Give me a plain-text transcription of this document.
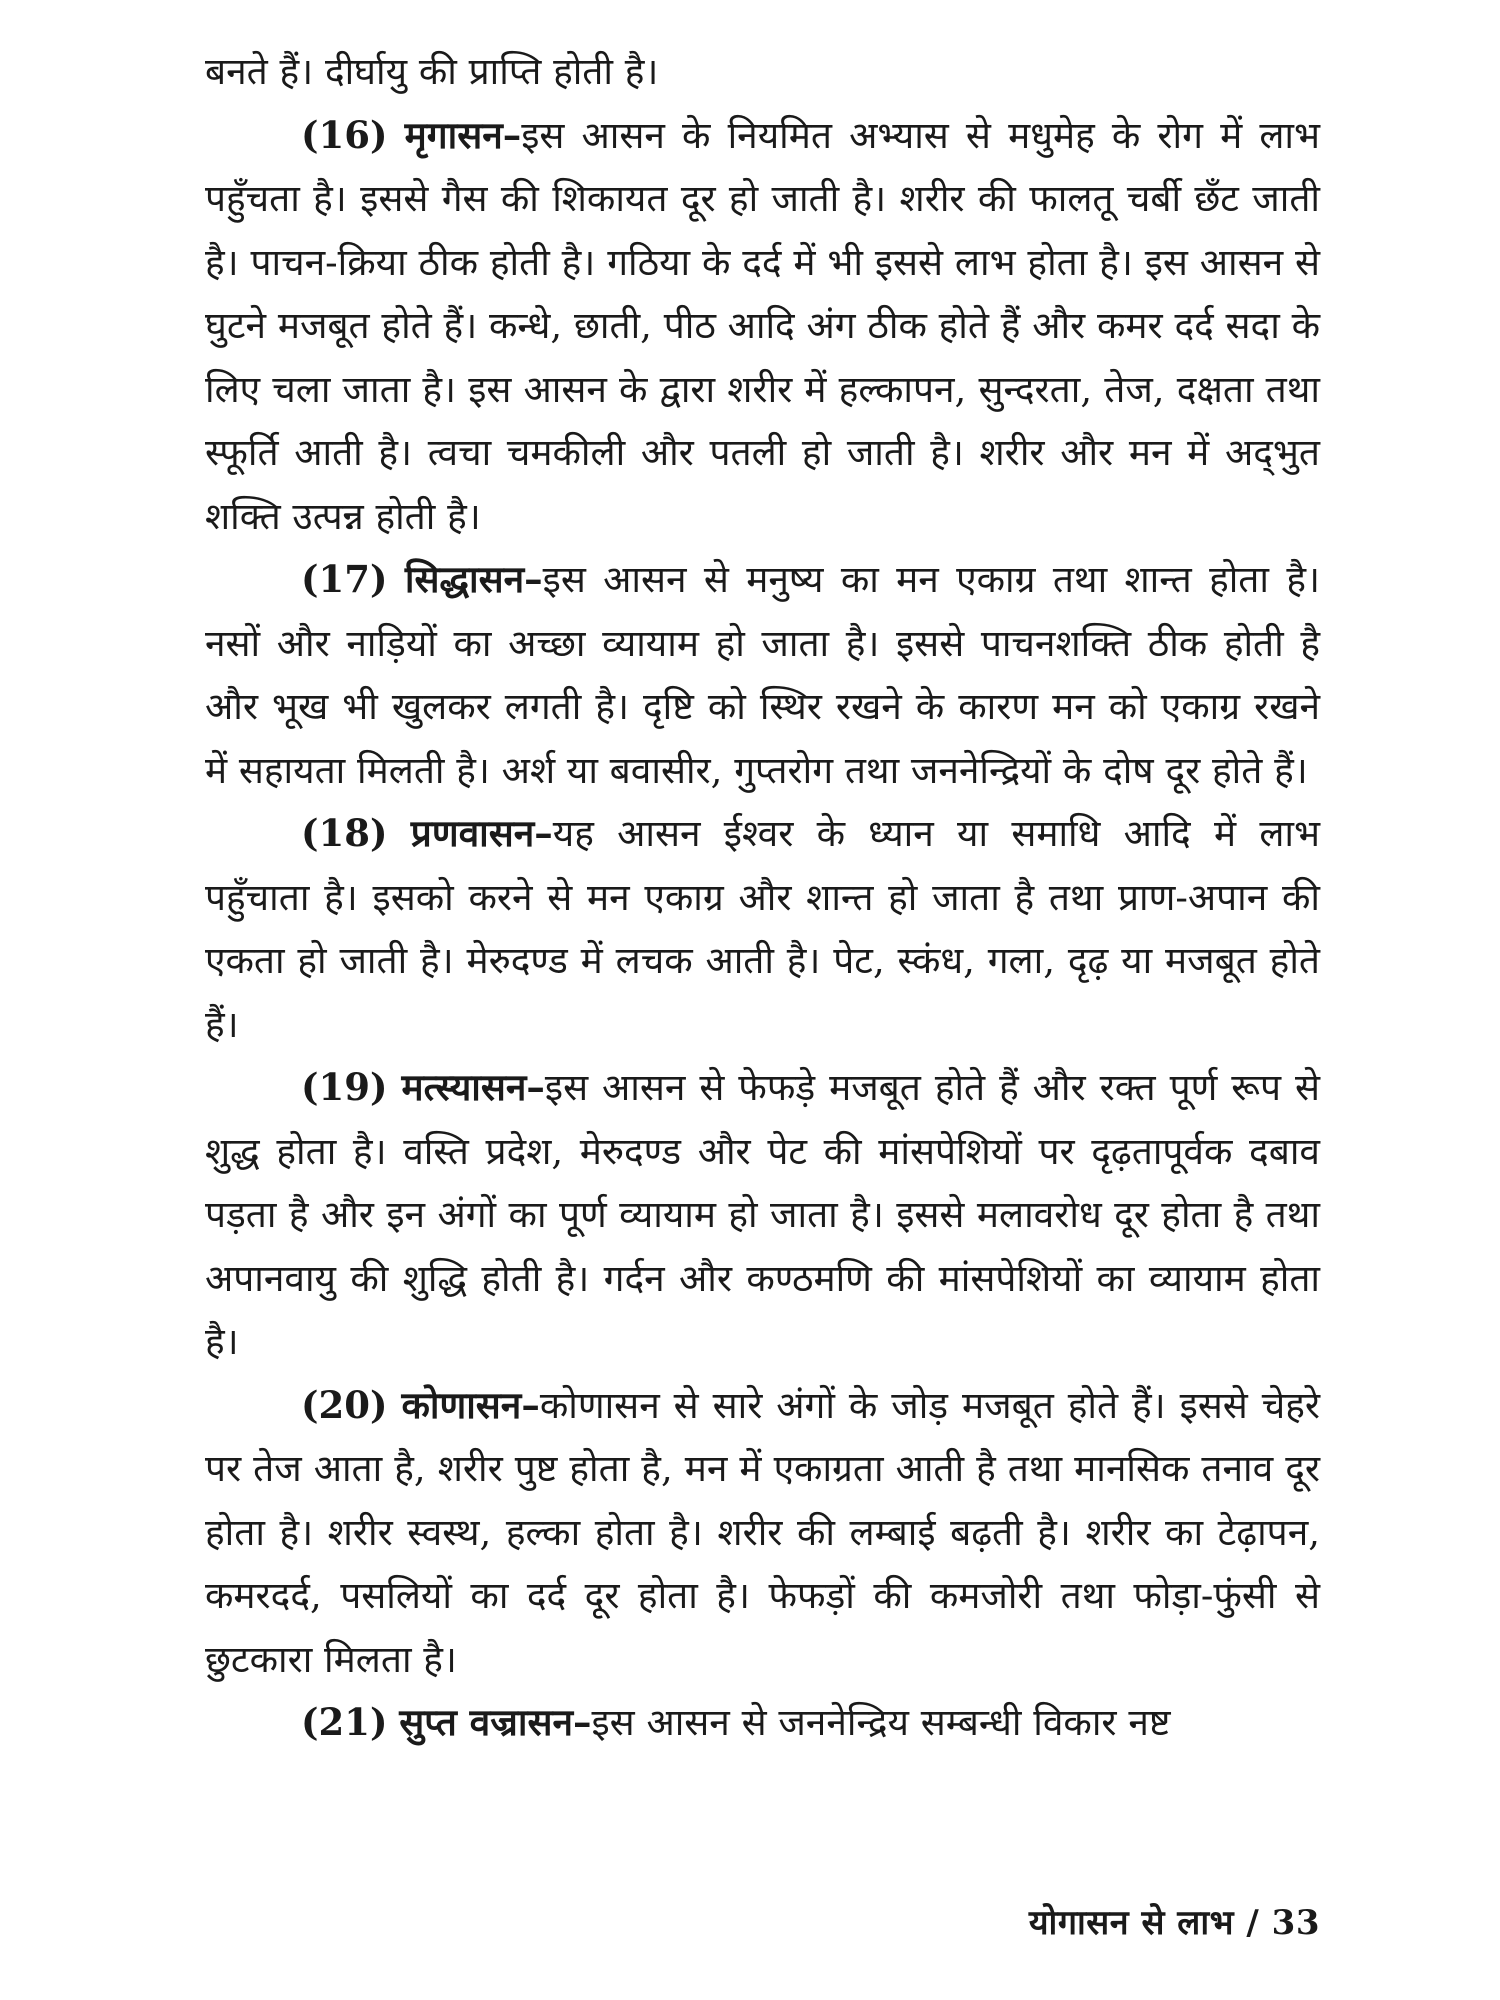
बनते हैं। दीर्घायु की प्राप्ति होती है।

(16) मृगासन–इस आसन के नियमित अभ्यास से मधुमेह के रोग में लाभ पहुँचता है। इससे गैस की शिकायत दूर हो जाती है। शरीर की फालतू चर्बी छँट जाती है। पाचन-क्रिया ठीक होती है। गठिया के दर्द में भी इससे लाभ होता है। इस आसन से घुटने मजबूत होते हैं। कन्धे, छाती, पीठ आदि अंग ठीक होते हैं और कमर दर्द सदा के लिए चला जाता है। इस आसन के द्वारा शरीर में हल्कापन, सुन्दरता, तेज, दक्षता तथा स्फूर्ति आती है। त्वचा चमकीली और पतली हो जाती है। शरीर और मन में अद्‌भुत शक्ति उत्पन्न होती है।

(17) सिद्धासन–इस आसन से मनुष्य का मन एकाग्र तथा शान्त होता है। नसों और नाड़ियों का अच्छा व्यायाम हो जाता है। इससे पाचनशक्ति ठीक होती है और भूख भी खुलकर लगती है। दृष्टि को स्थिर रखने के कारण मन को एकाग्र रखने में सहायता मिलती है। अर्श या बवासीर, गुप्तरोग तथा जननेन्द्रियों के दोष दूर होते हैं।

(18) प्रणवासन–यह आसन ईश्वर के ध्यान या समाधि आदि में लाभ पहुँचाता है। इसको करने से मन एकाग्र और शान्त हो जाता है तथा प्राण-अपान की एकता हो जाती है। मेरुदण्ड में लचक आती है। पेट, स्कंध, गला, दृढ़ या मजबूत होते हैं।

(19) मत्स्यासन–इस आसन से फेफड़े मजबूत होते हैं और रक्त पूर्ण रूप से शुद्ध होता है। वस्ति प्रदेश, मेरुदण्ड और पेट की मांसपेशियों पर दृढ़तापूर्वक दबाव पड़ता है और इन अंगों का पूर्ण व्यायाम हो जाता है। इससे मलावरोध दूर होता है तथा अपानवायु की शुद्धि होती है। गर्दन और कण्ठमणि की मांसपेशियों का व्यायाम होता है।

(20) कोणासन–कोणासन से सारे अंगों के जोड़ मजबूत होते हैं। इससे चेहरे पर तेज आता है, शरीर पुष्ट होता है, मन में एकाग्रता आती है तथा मानसिक तनाव दूर होता है। शरीर स्वस्थ, हल्का होता है। शरीर की लम्बाई बढ़ती है। शरीर का टेढ़ापन, कमरदर्द, पसलियों का दर्द दूर होता है। फेफड़ों की कमजोरी तथा फोड़ा-फुंसी से छुटकारा मिलता है।

(21) सुप्त वज्रासन–इस आसन से जननेन्द्रिय सम्बन्धी विकार नष्ट

योगासन से लाभ / 33
